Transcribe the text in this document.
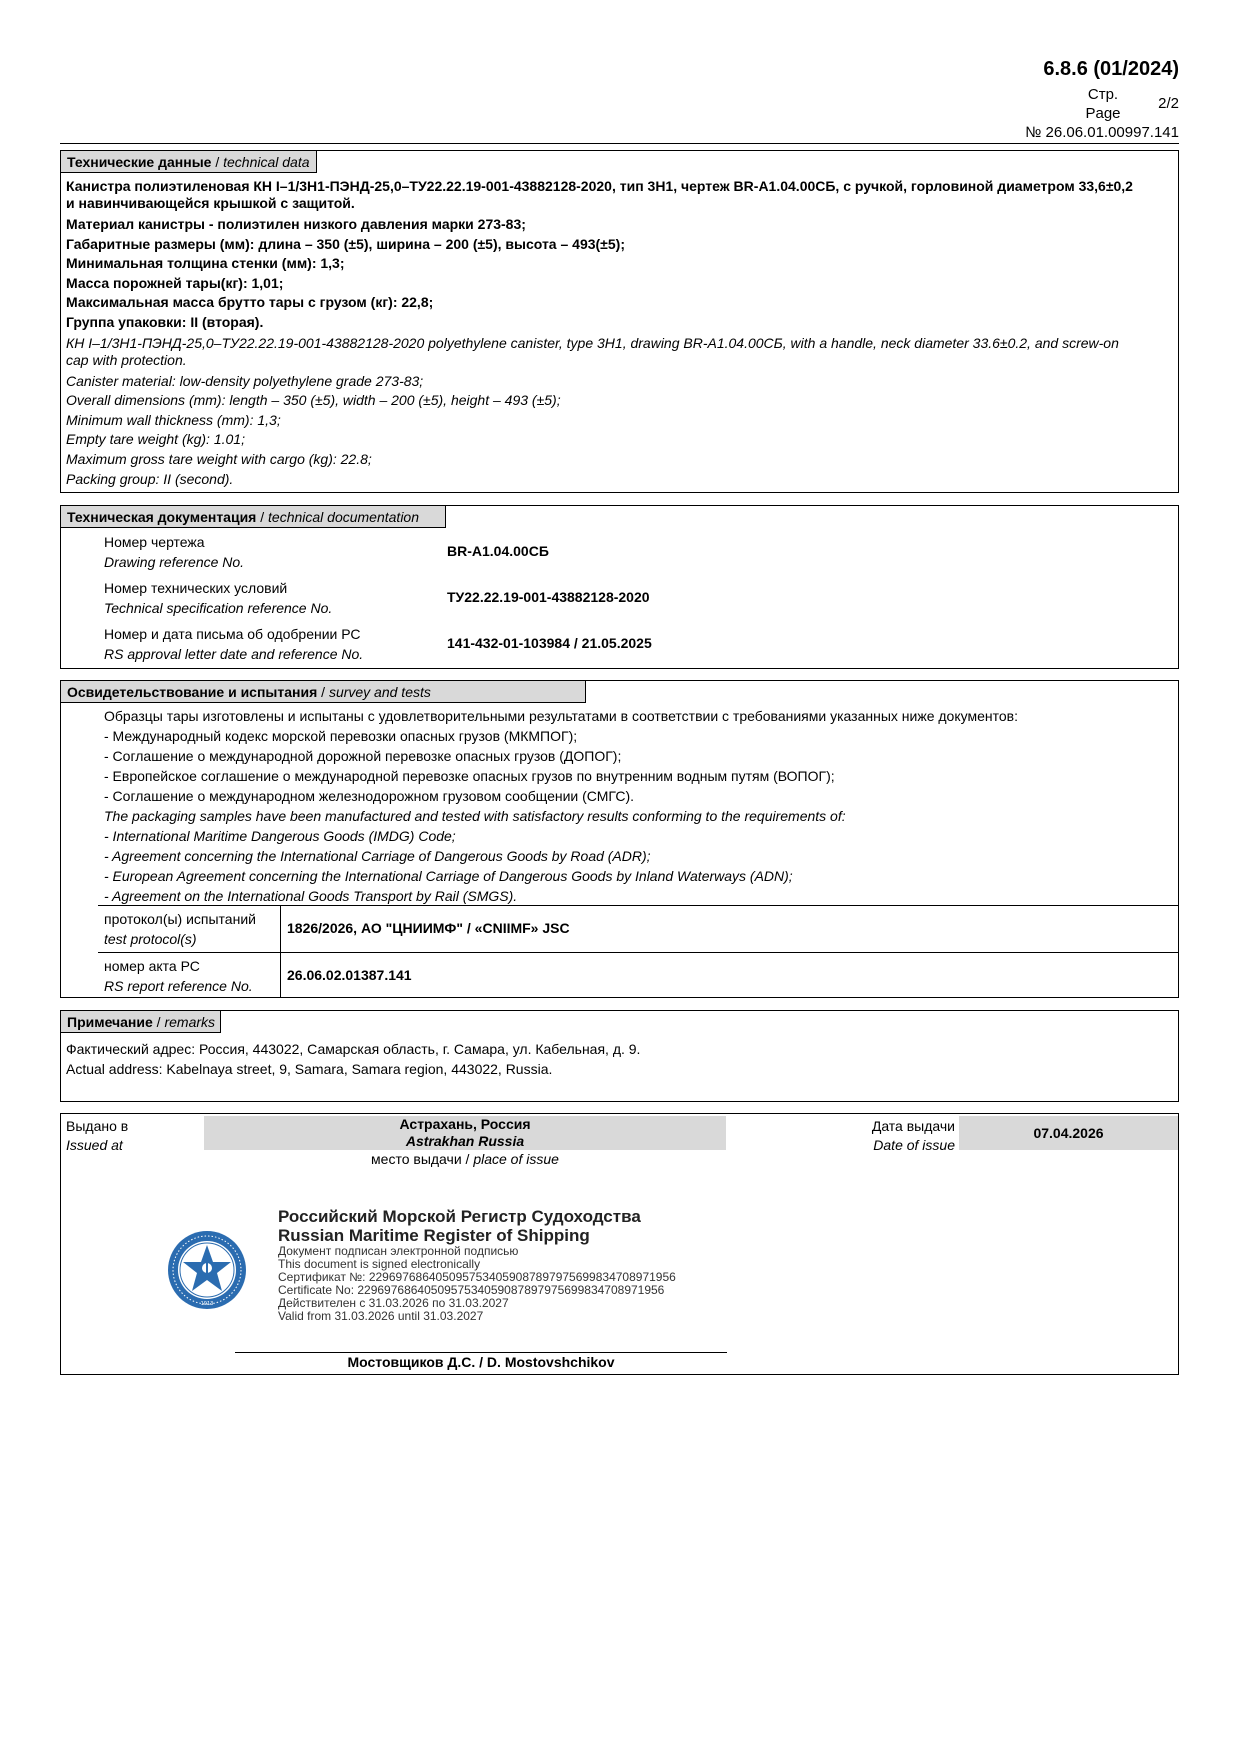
6.8.6 (01/2024)
Стр.
Page
2/2
№ 26.06.01.00997.141
Технические данные / technical data
Канистра полиэтиленовая КН I–1/3Н1-ПЭНД-25,0–ТУ22.22.19-001-43882128-2020, тип 3Н1, чертеж BR-A1.04.00СБ, с ручкой, горловиной диаметром 33,6±0,2
и навинчивающейся крышкой с защитой.
Материал канистры - полиэтилен низкого давления марки 273-83;
Габаритные размеры (мм): длина – 350 (±5), ширина – 200 (±5), высота – 493(±5);
Минимальная толщина стенки (мм): 1,3;
Масса порожней тары(кг): 1,01;
Максимальная масса брутто тары с грузом (кг): 22,8;
Группа упаковки: II (вторая).
КН I–1/3Н1-ПЭНД-25,0–ТУ22.22.19-001-43882128-2020 polyethylene canister, type 3H1, drawing BR-A1.04.00СБ, with a handle, neck diameter 33.6±0.2, and screw-on
cap with protection.
Canister material: low-density polyethylene grade 273-83;
Overall dimensions (mm): length – 350 (±5), width – 200 (±5), height – 493 (±5);
Minimum wall thickness (mm): 1,3;
Empty tare weight (kg): 1.01;
Maximum gross tare weight with cargo (kg): 22.8;
Packing group: II (second).
Техническая документация / technical documentation
Номер чертежа
Drawing reference No.
BR-A1.04.00СБ
Номер технических условий
Technical specification reference No.
ТУ22.22.19-001-43882128-2020
Номер и дата письма об одобрении РС
RS approval letter date and reference No.
141-432-01-103984 / 21.05.2025
Освидетельствование и испытания / survey and tests
Образцы тары изготовлены и испытаны с удовлетворительными результатами в соответствии с требованиями указанных ниже документов:
- Международный кодекс морской перевозки опасных грузов (МКМПОГ);
- Соглашение о международной дорожной перевозке опасных грузов (ДОПОГ);
- Европейское соглашение о международной перевозке опасных грузов по внутренним водным путям (ВОПОГ);
- Соглашение о международном железнодорожном грузовом сообщении (СМГС).
The packaging samples have been manufactured and tested with satisfactory results conforming to the requirements of:
- International Maritime Dangerous Goods (IMDG) Code;
- Agreement concerning the International Carriage of Dangerous Goods by Road (ADR);
- European Agreement concerning the International Carriage of Dangerous Goods by Inland Waterways (ADN);
- Agreement on the International Goods Transport by Rail (SMGS).
протокол(ы) испытаний
test protocol(s)
1826/2026, АО "ЦНИИМФ" / «CNIIMF» JSC
номер акта РС
RS report reference No.
26.06.02.01387.141
Примечание / remarks
Фактический адрес: Россия, 443022, Самарская область, г. Самара, ул. Кабельная, д. 9.
Actual address: Kabelnaya street, 9, Samara, Samara region, 443022, Russia.
Выдано в
Issued at
Астрахань, Россия
Astrakhan Russia
место выдачи / place of issue
Дата выдачи
Date of issue
07.04.2026
1913
Российский Морской Регистр Судоходства
Russian Maritime Register of Shipping
Документ подписан электронной подписью
This document is signed electronically
Сертификат №: 2296976864050957534059087897975699834708971956
Certificate No: 2296976864050957534059087897975699834708971956
Действителен с 31.03.2026 по 31.03.2027
Valid from 31.03.2026 until 31.03.2027
Мостовщиков Д.С. / D. Mostovshchikov
